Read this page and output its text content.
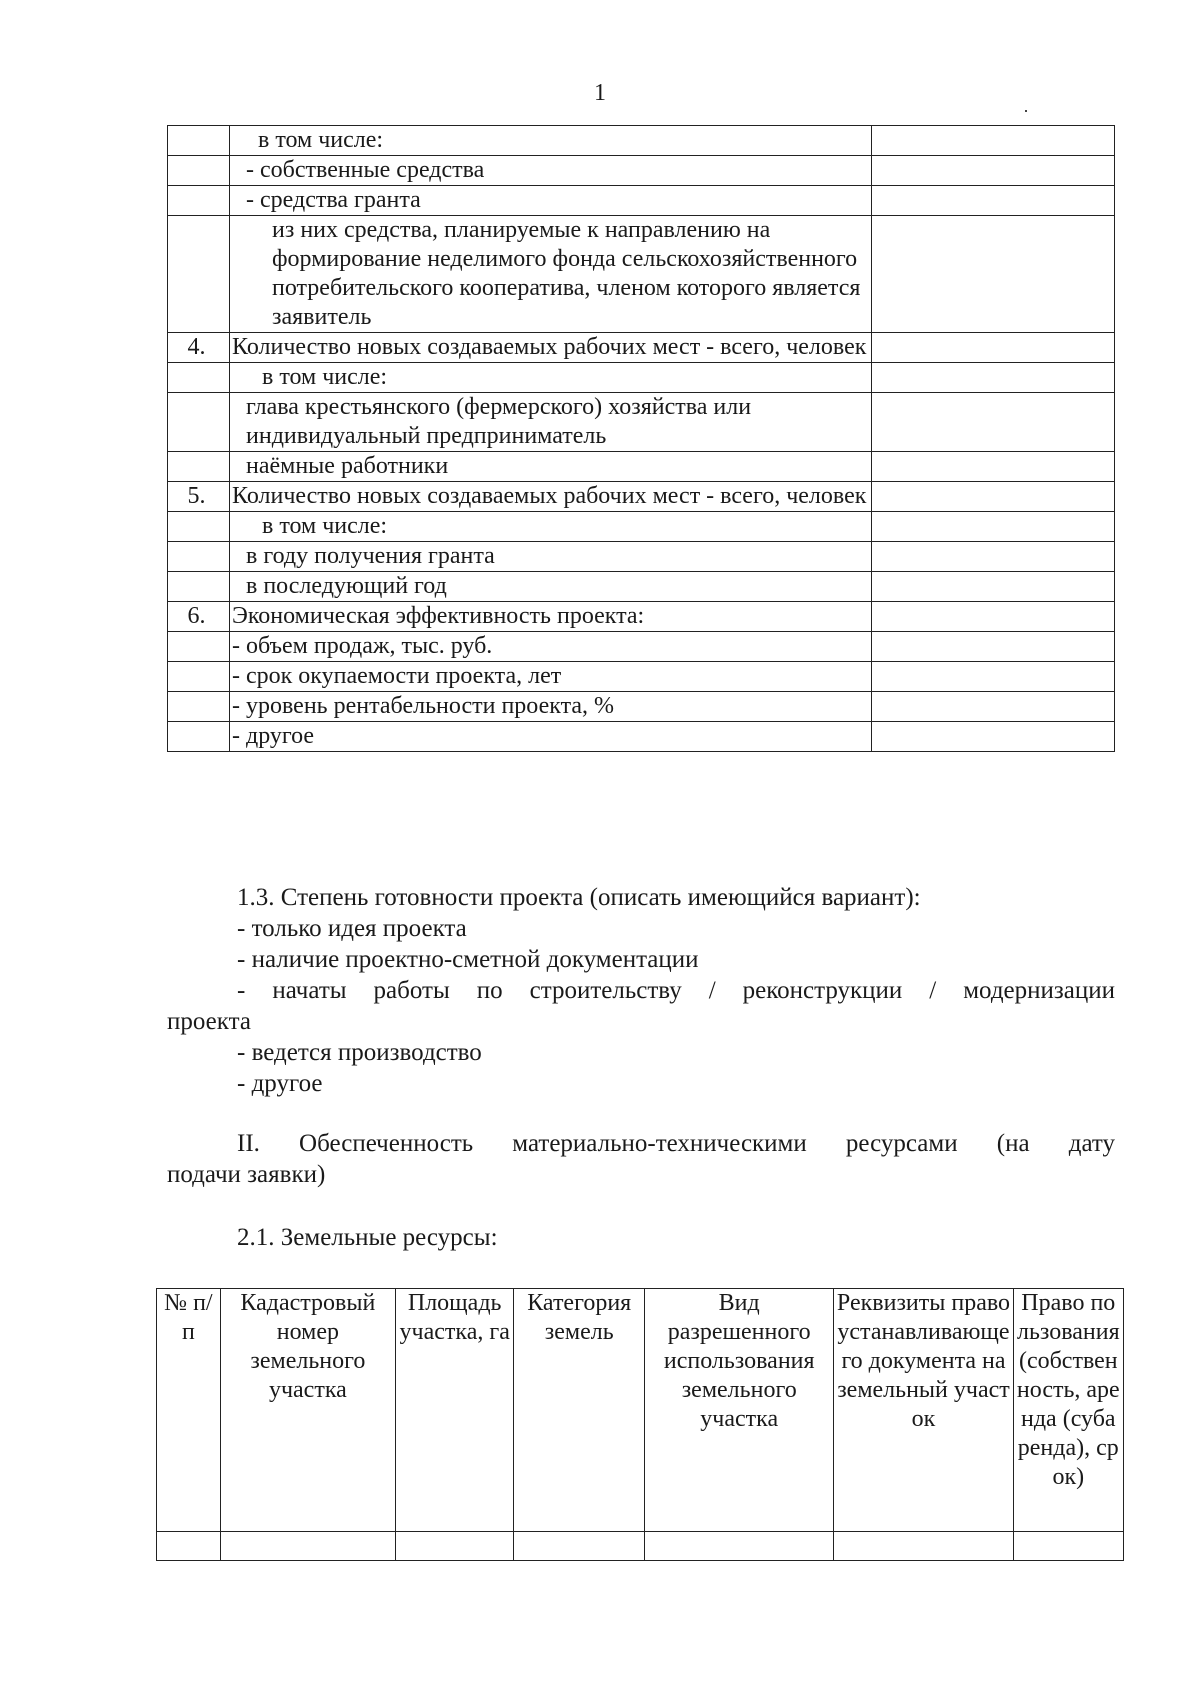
1
	в том числе:	
	- собственные средства	
	- средства гранта	
	из них средства, планируемые к направлению на формирование неделимого фонда сельскохозяйственного потребительского кооператива, членом которого является заявитель	
4.	Количество новых создаваемых рабочих мест - всего, человек	
	в том числе:	
	глава крестьянского (фермерского) хозяйства или индивидуальный предприниматель	
	наёмные работники	
5.	Количество новых создаваемых рабочих мест - всего, человек	
	в том числе:	
	в году получения гранта	
	в последующий год	
6.	Экономическая эффективность проекта:	
	- объем продаж, тыс. руб.	
	- срок окупаемости проекта, лет	
	- уровень рентабельности проекта, %	
	- другое	

1.3. Степень готовности проекта (описать имеющийся вариант):

- только идея проекта

- наличие проектно-сметной документации

- начаты работы по строительству / реконструкции / модернизации

проекта

- ведется производство

- другое

II. Обеспеченность материально-техническими ресурсами (на дату

подачи заявки)

2.1. Земельные ресурсы:

№ п/п	Кадастровый номер земельного участка	Площадь участка, га	Категория земель	Вид разрешенного использования земельного участка	Реквизиты правоустанавливающего документа на земельный участок	Право пользования (собственность, аренда (субаренда), срок)
